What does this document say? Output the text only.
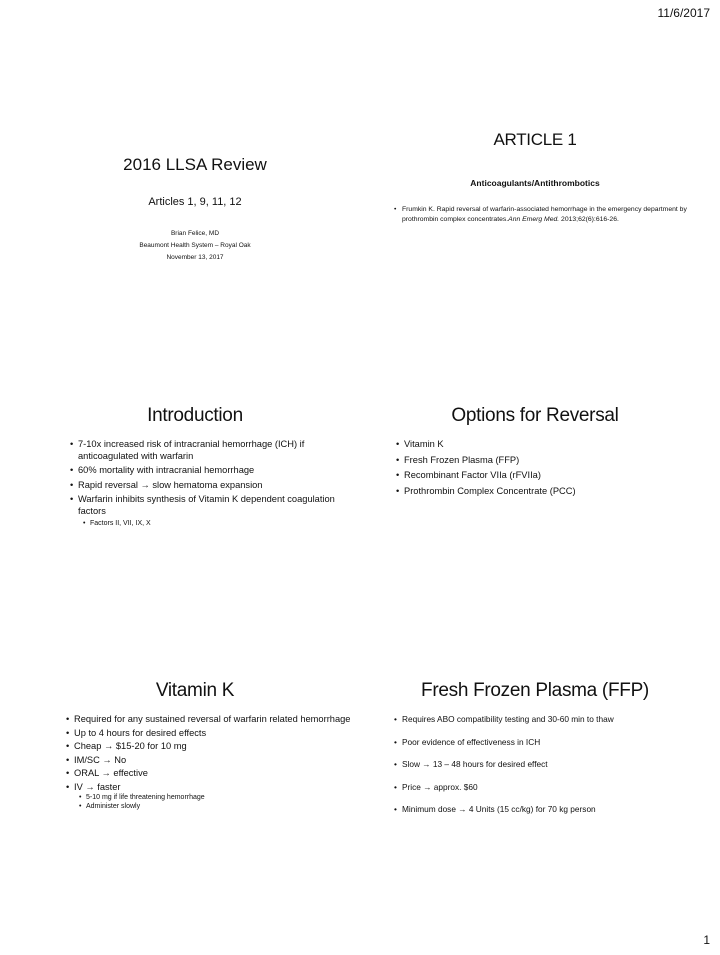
11/6/2017
2016 LLSA Review
Articles 1, 9, 11, 12
Brian Felice, MD
Beaumont Health System – Royal Oak
November 13, 2017
ARTICLE 1
Anticoagulants/Antithrombotics
• Frumkin K. Rapid reversal of warfarin-associated hemorrhage in the emergency department by prothrombin complex concentrates.Ann Emerg Med. 2013;62(6):616-26.
Introduction
• 7-10x increased risk of intracranial hemorrhage (ICH) if anticoagulated with warfarin
• 60% mortality with intracranial hemorrhage
• Rapid reversal → slow hematoma expansion
• Warfarin inhibits synthesis of Vitamin K dependent coagulation factors
• Factors II, VII, IX, X
Options for Reversal
• Vitamin K
• Fresh Frozen Plasma (FFP)
• Recombinant Factor VIIa (rFVIIa)
• Prothrombin Complex Concentrate (PCC)
Vitamin K
• Required for any sustained reversal of warfarin related hemorrhage
• Up to 4 hours for desired effects
• Cheap → $15-20 for 10 mg
• IM/SC → No
• ORAL → effective
• IV → faster
• 5-10 mg if life threatening hemorrhage
• Administer slowly
Fresh Frozen Plasma (FFP)
• Requires ABO compatibility testing and 30-60 min to thaw
• Poor evidence of effectiveness in ICH
• Slow → 13 – 48 hours for desired effect
• Price → approx. $60
• Minimum dose → 4 Units (15 cc/kg) for 70 kg person
1
